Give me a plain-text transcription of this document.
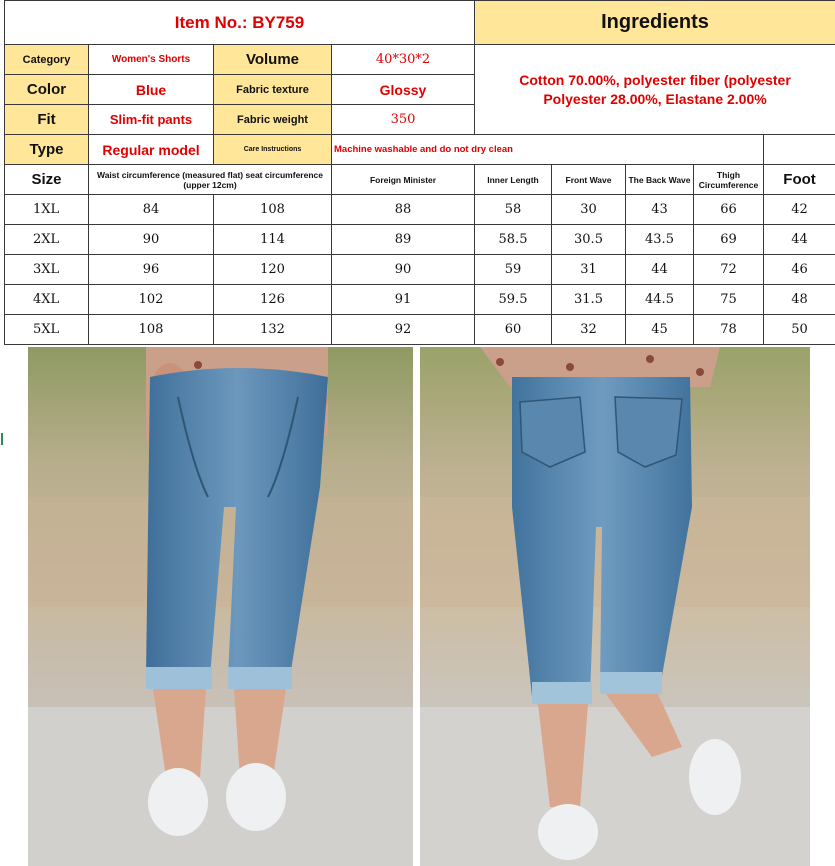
Item No.: BY759				Ingredients				
Category	Women's Shorts	Volume	40*30*2	Cotton 70.00%, polyester fiber (polyester
Polyester 28.00%, Elastane 2.00%				

Color	Blue	Fabric texture	Glossy					
Fit	Slim-fit pants	Fabric weight	350					
Type	Regular model	Care Instructions	Machine washable and do not dry clean					
Size	Waist circumference (measured flat) seat circumference (upper 12cm)		Foreign Minister	Inner Length	Front Wave	The Back Wave	Thigh Circumference	Foot
1XL	84	108	88	58	30	43	66	42
2XL	90	114	89	58.5	30.5	43.5	69	44
3XL	96	120	90	59	31	44	72	46
4XL	102	126	91	59.5	31.5	44.5	75	48
5XL	108	132	92	60	32	45	78	50
